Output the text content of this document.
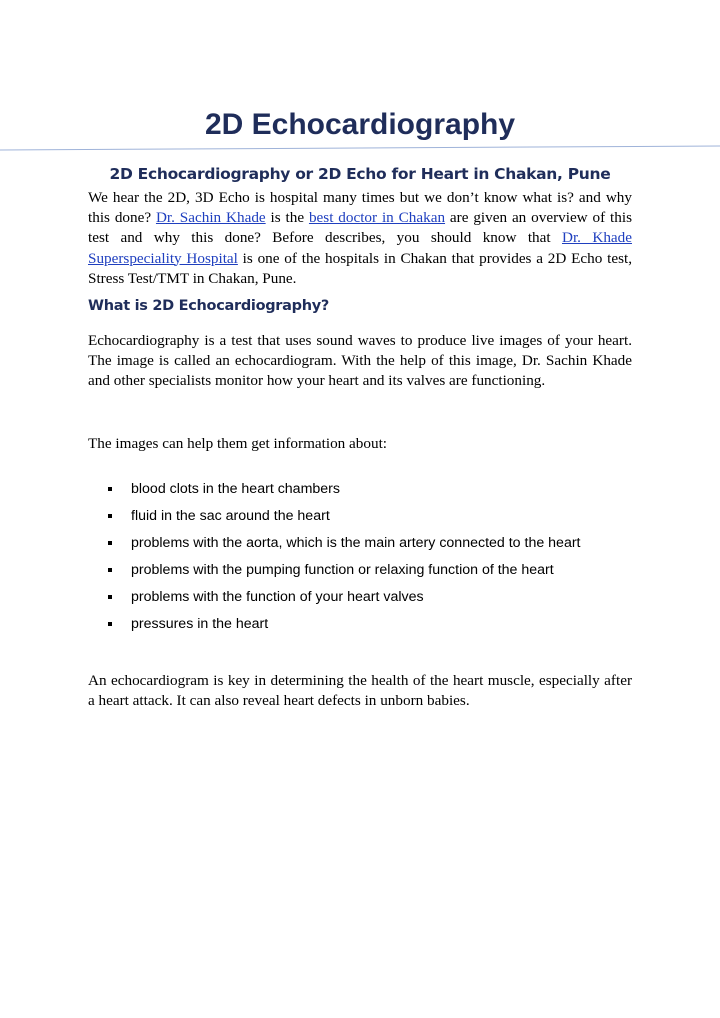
2D Echocardiography
2D Echocardiography or 2D Echo for Heart in Chakan, Pune

We hear the 2D, 3D Echo is hospital many times but we don’t know what is? and why this done? Dr. Sachin Khade is the best doctor in Chakan are given an overview of this test and why this done? Before describes, you should know that Dr. Khade Superspeciality Hospital is one of the hospitals in Chakan that provides a 2D Echo test, Stress Test/TMT in Chakan, Pune.

What is 2D Echocardiography?

Echocardiography is a test that uses sound waves to produce live images of your heart. The image is called an echocardiogram. With the help of this image, Dr. Sachin Khade and other specialists monitor how your heart and its valves are functioning.

The images can help them get information about:

blood clots in the heart chambers
fluid in the sac around the heart
problems with the aorta, which is the main artery connected to the heart
problems with the pumping function or relaxing function of the heart
problems with the function of your heart valves
pressures in the heart

An echocardiogram is key in determining the health of the heart muscle, especially after a heart attack. It can also reveal heart defects in unborn babies.
